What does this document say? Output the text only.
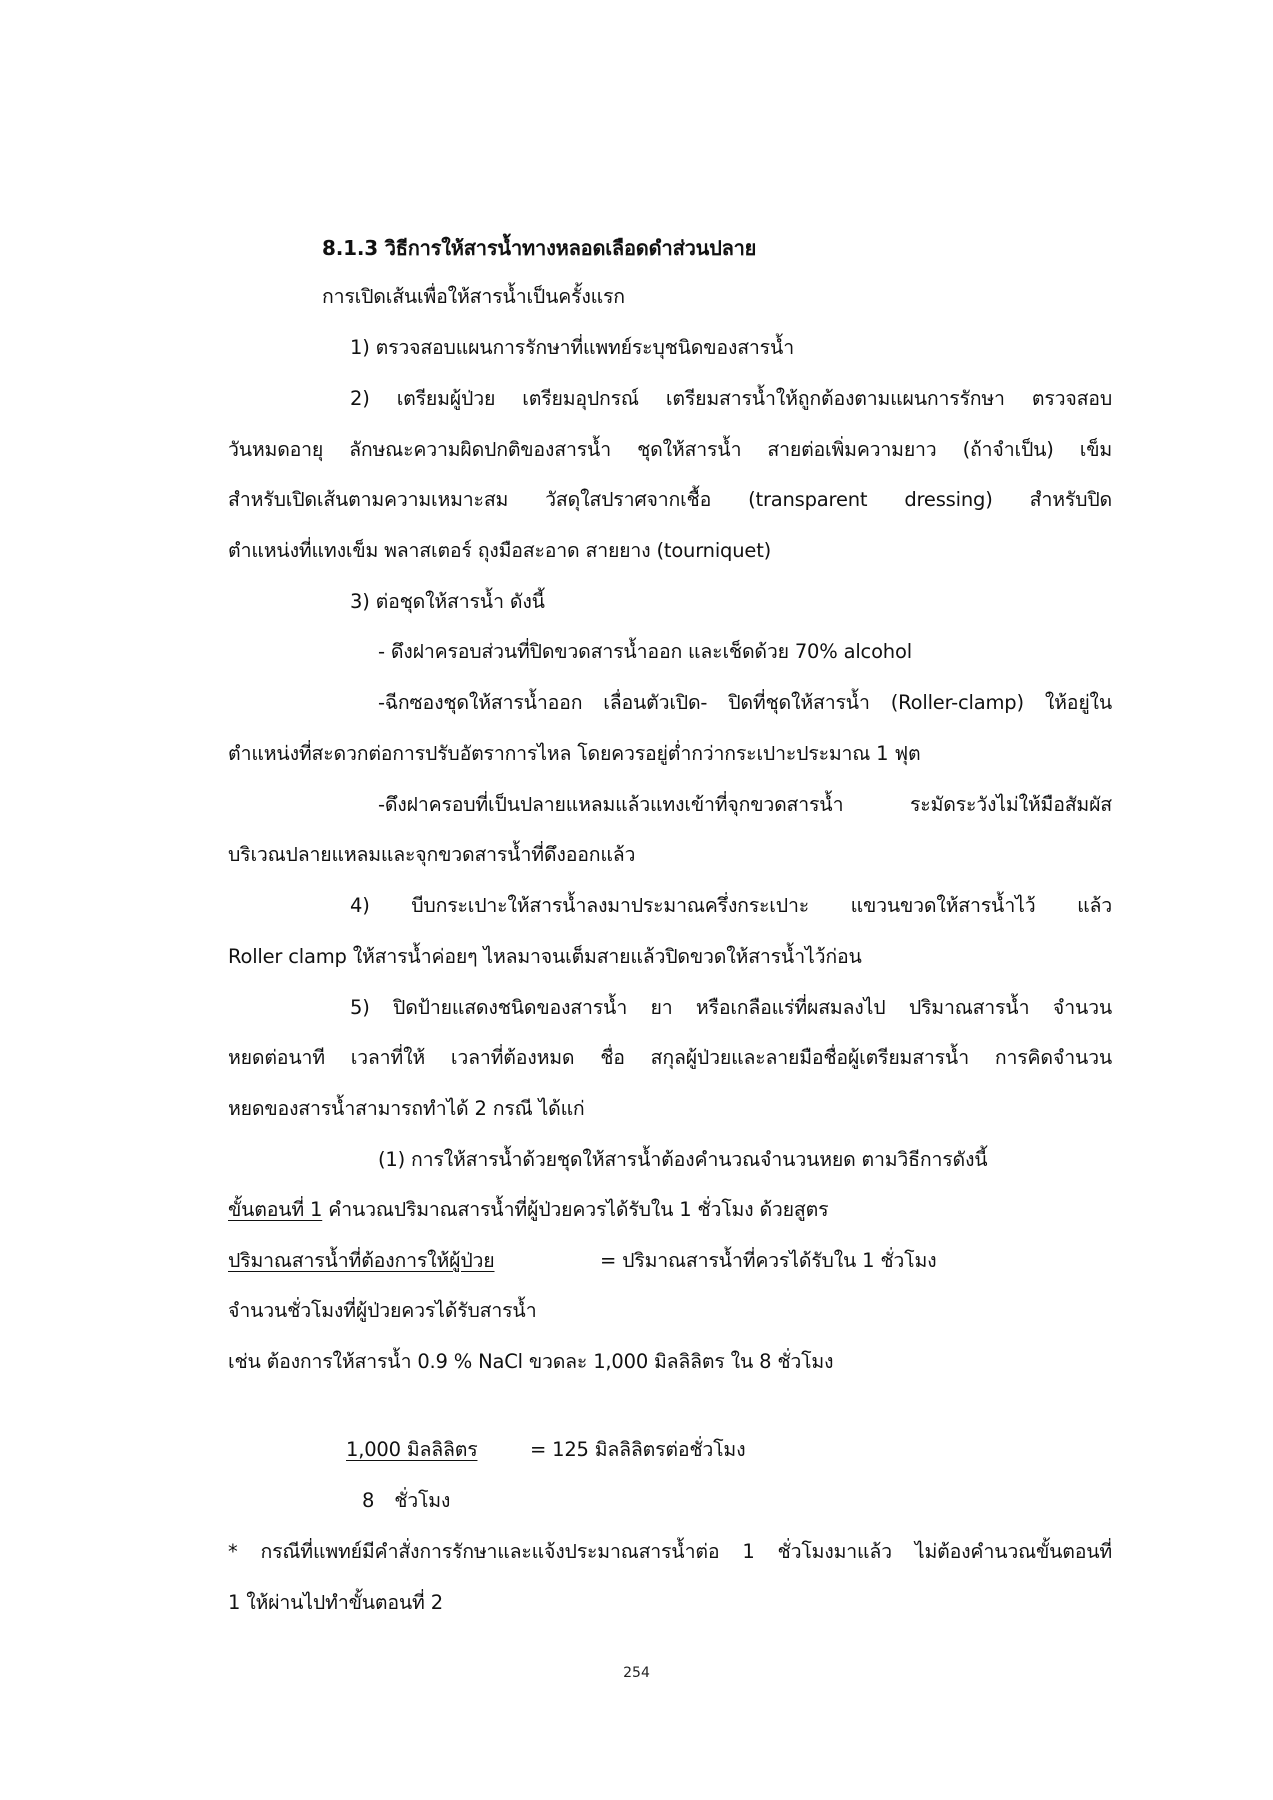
8.1.3 วิธีการให้สารน้ำทางหลอดเลือดดำส่วนปลาย
การเปิดเส้นเพื่อให้สารน้ำเป็นครั้งแรก
1) ตรวจสอบแผนการรักษาที่แพทย์ระบุชนิดของสารน้ำ
2) เตรียมผู้ป่วย เตรียมอุปกรณ์ เตรียมสารน้ำให้ถูกต้องตามแผนการรักษา ตรวจสอบ
วันหมดอายุ ลักษณะความผิดปกติของสารน้ำ ชุดให้สารน้ำ สายต่อเพิ่มความยาว (ถ้าจำเป็น) เข็ม
สำหรับเปิดเส้นตามความเหมาะสม วัสดุใสปราศจากเชื้อ (transparent dressing) สำหรับปิด
ตำแหน่งที่แทงเข็ม พลาสเตอร์ ถุงมือสะอาด สายยาง (tourniquet)
3) ต่อชุดให้สารน้ำ ดังนี้
- ดึงฝาครอบส่วนที่ปิดขวดสารน้ำออก และเช็ดด้วย 70% alcohol
-ฉีกซองชุดให้สารน้ำออก เลื่อนตัวเปิด- ปิดที่ชุดให้สารน้ำ (Roller-clamp) ให้อยู่ใน
ตำแหน่งที่สะดวกต่อการปรับอัตราการไหล โดยควรอยู่ต่ำกว่ากระเปาะประมาณ 1 ฟุต
-ดึงฝาครอบที่เป็นปลายแหลมแล้วแทงเข้าที่จุกขวดสารน้ำ ระมัดระวังไม่ให้มือสัมผัส
บริเวณปลายแหลมและจุกขวดสารน้ำที่ดึงออกแล้ว
4) บีบกระเปาะให้สารน้ำลงมาประมาณครึ่งกระเปาะ แขวนขวดให้สารน้ำไว้ แล้ว
Roller clamp ให้สารน้ำค่อยๆ ไหลมาจนเต็มสายแล้วปิดขวดให้สารน้ำไว้ก่อน
5) ปิดป้ายแสดงชนิดของสารน้ำ ยา หรือเกลือแร่ที่ผสมลงไป ปริมาณสารน้ำ จำนวน
หยดต่อนาที เวลาที่ให้ เวลาที่ต้องหมด ชื่อ สกุลผู้ป่วยและลายมือชื่อผู้เตรียมสารน้ำ การคิดจำนวน
หยดของสารน้ำสามารถทำได้ 2 กรณี ได้แก่
(1) การให้สารน้ำด้วยชุดให้สารน้ำต้องคำนวณจำนวนหยด ตามวิธีการดังนี้
ขั้นตอนที่ 1 คำนวณปริมาณสารน้ำที่ผู้ป่วยควรได้รับใน 1 ชั่วโมง ด้วยสูตร
ปริมาณสารน้ำที่ต้องการให้ผู้ป่วย	= ปริมาณสารน้ำที่ควรได้รับใน 1 ชั่วโมง
จำนวนชั่วโมงที่ผู้ป่วยควรได้รับสารน้ำ
เช่น ต้องการให้สารน้ำ 0.9 % NaCl ขวดละ 1,000 มิลลิลิตร ใน 8 ชั่วโมง
1,000 มิลลิลิตร	= 125 มิลลิลิตรต่อชั่วโมง
8 ชั่วโมง
* กรณีที่แพทย์มีคำสั่งการรักษาและแจ้งประมาณสารน้ำต่อ 1 ชั่วโมงมาแล้ว ไม่ต้องคำนวณขั้นตอนที่
1 ให้ผ่านไปทำขั้นตอนที่ 2
254
